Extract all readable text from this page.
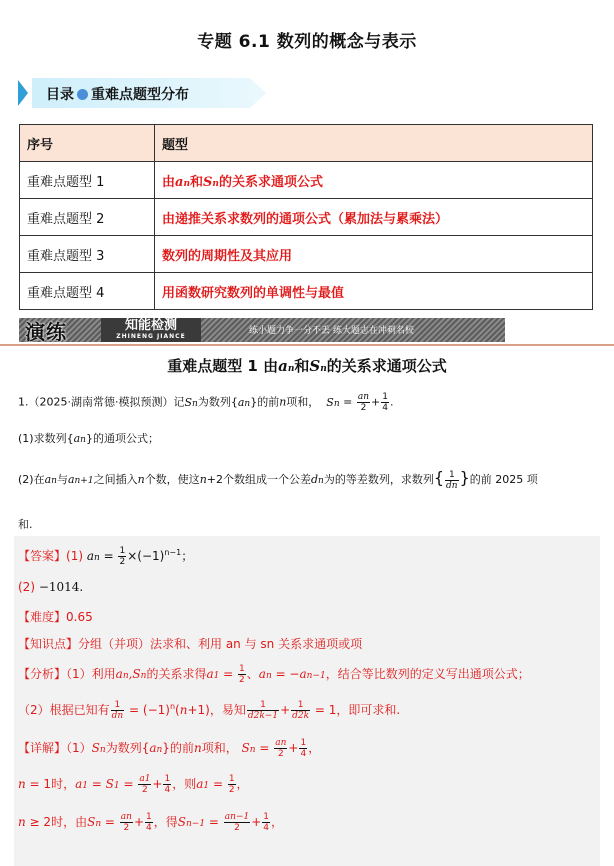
专题 6.1 数列的概念与表示
目录 重难点题型分布
序号	题型
重难点题型 1	由an和Sn的关系求通项公式
重难点题型 2	由递推关系求数列的通项公式（累加法与累乘法）
重难点题型 3	数列的周期性及其应用
重难点题型 4	用函数研究数列的单调性与最值
演练	知能检测
ZHINENG JIANCE
练小题力争一分不丢 练大题志在冲刺名校
重难点题型 1 由an和Sn的关系求通项公式
1.（2025·湖南常德·模拟预测）记Sn为数列{an}的前n项和， $Sn = \frac{an}{2} + \frac{1}{4}$ .
(1)求数列{an}的通项公式；
(2)在an与an+1之间插入n个数，使这n+2个数组成一个公差dn为的等差数列，求数列{ $\frac{1}{dn}$ }的前 2025 项
和.
【答案】(1) an = $\frac{1}{2} \times(-1)^{n-1}$；
(2) −1014.
【难度】0.65
【知识点】分组（并项）法求和、利用 an 与 sn 关系求通项或项
【分析】（1）利用an,Sn的关系求得$a1 = \frac{1}{2}$ 、an = −an−1，结合等比数列的定义写出通项公式；
（2）根据已知有 $\frac{1}{dn} = (-1)^n(n+1)$，易知 $\frac{1}{d2k-1} + \frac{1}{d2k} = 1$，即可求和.
【详解】（1）Sn为数列{an}的前n项和， $Sn = \frac{an}{2} + \frac{1}{4}$ ，
n = 1时，$a1 = S1 = \frac{a1}{2} + \frac{1}{4}$ ，则$a1 = \frac{1}{2}$ ，
n ≥ 2时，由$Sn = \frac{an}{2} + \frac{1}{4}$ ，得$Sn-1 = \frac{an-1}{2} + \frac{1}{4}$ ，
